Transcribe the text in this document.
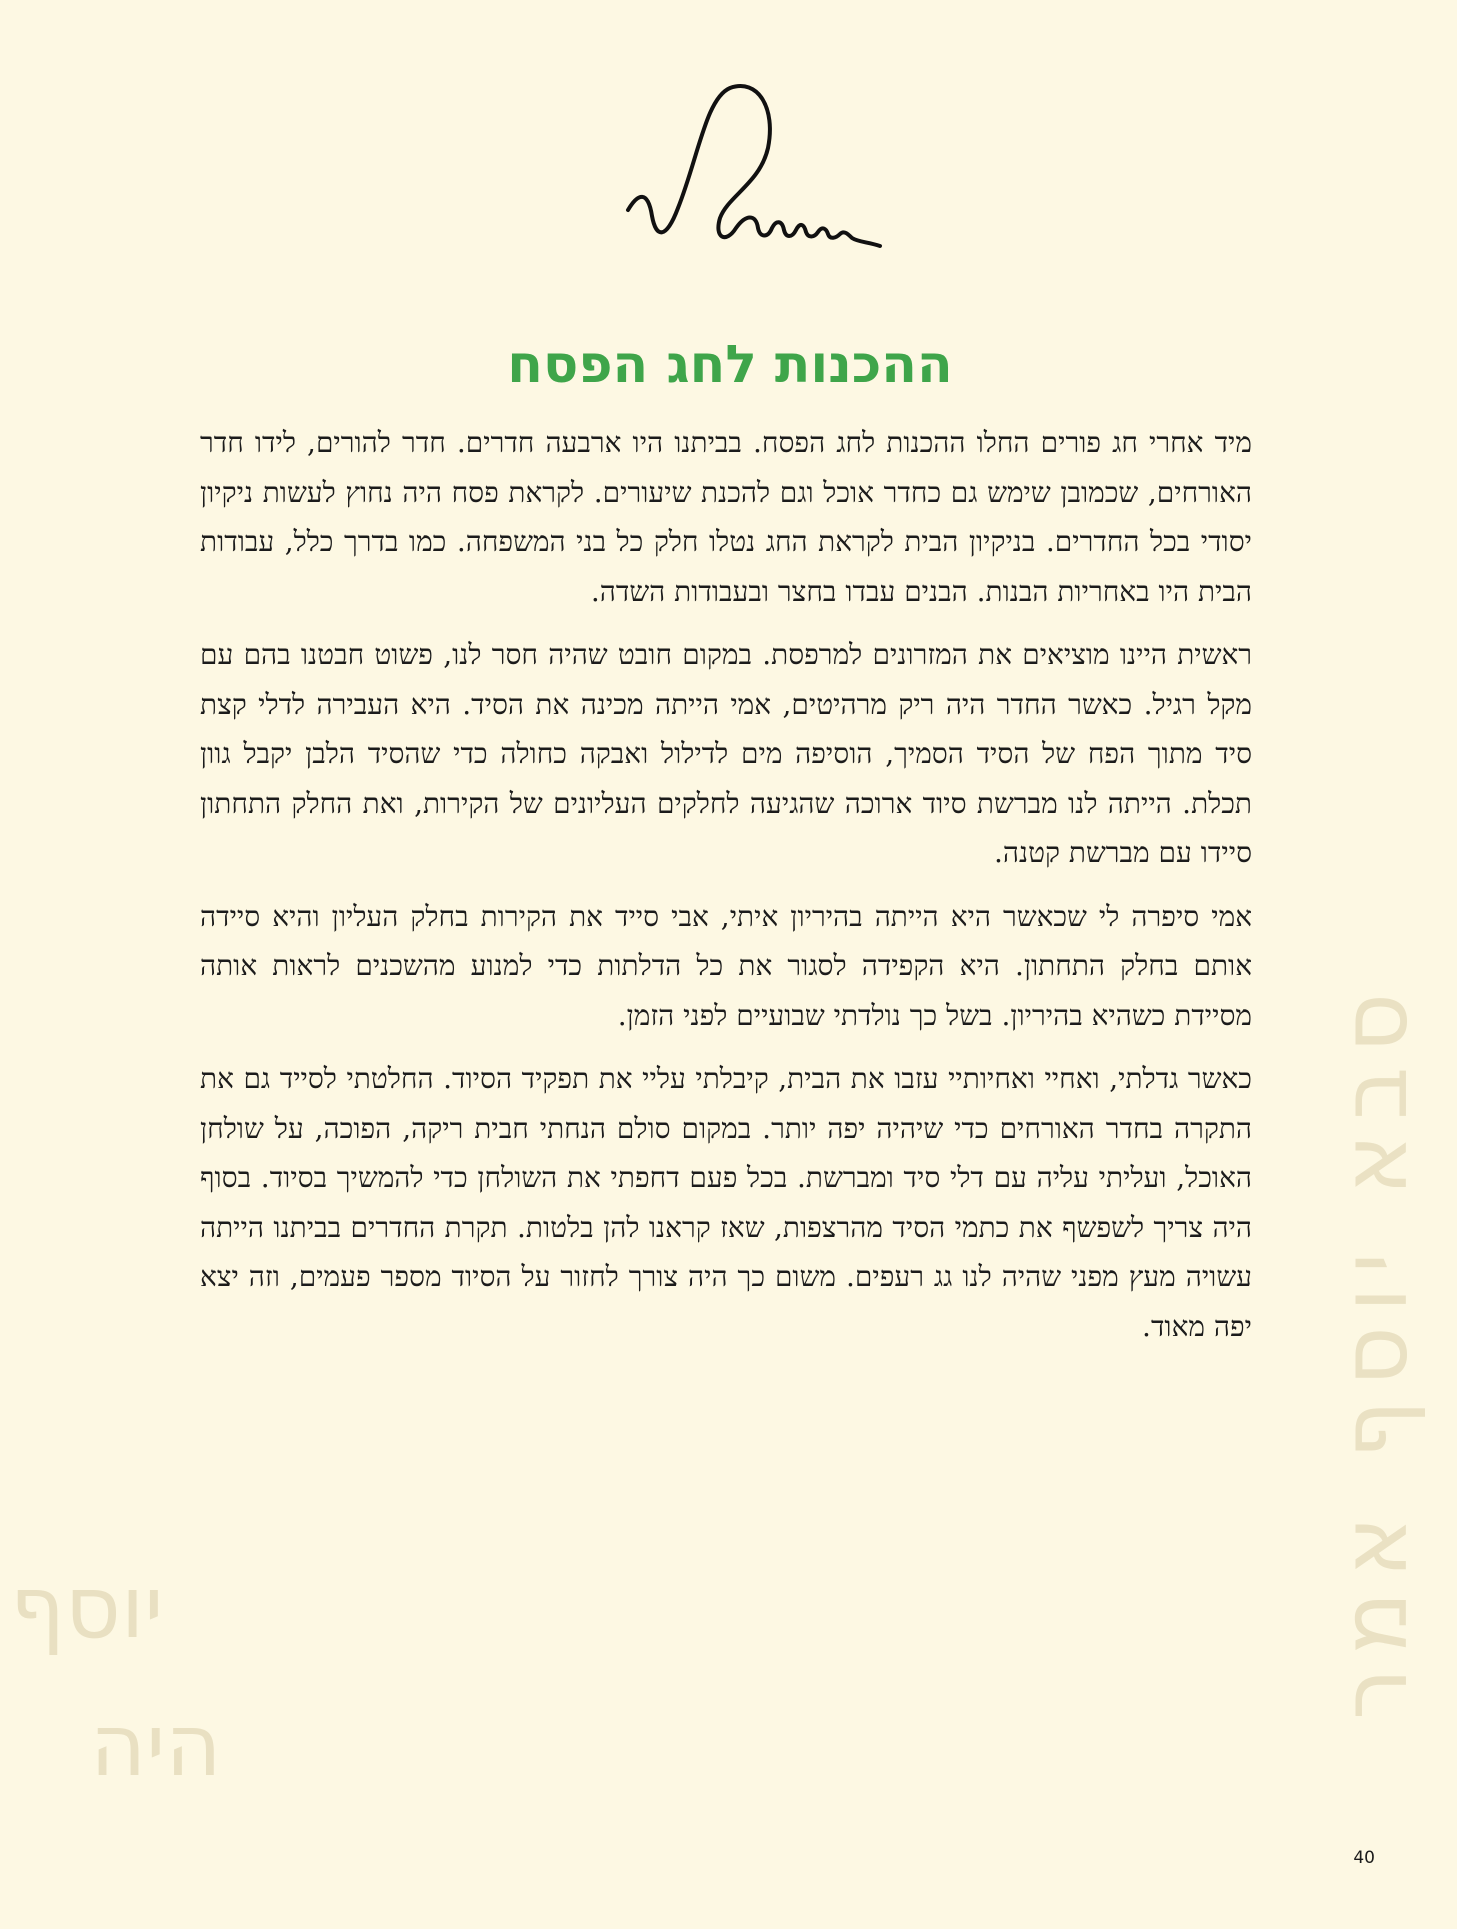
סבא יוסף אמר
יוסף
היה
ההכנות לחג הפסח

מיד אחרי חג פורים החלו ההכנות לחג הפסח. בביתנו היו ארבעה חדרים. חדר להורים, לידו חדר האורחים, שכמובן שימש גם כחדר אוכל וגם להכנת שיעורים. לקראת פסח היה נחוץ לעשות ניקיון יסודי בכל החדרים. בניקיון הבית לקראת החג נטלו חלק כל בני המשפחה. כמו בדרך כלל, עבודות הבית היו באחריות הבנות. הבנים עבדו בחצר ובעבודות השדה.

ראשית היינו מוציאים את המזרונים למרפסת. במקום חובט שהיה חסר לנו, פשוט חבטנו בהם עם מקל רגיל. כאשר החדר היה ריק מרהיטים, אמי הייתה מכינה את הסיד. היא העבירה לדלי קצת סיד מתוך הפח של הסיד הסמיך, הוסיפה מים לדילול ואבקה כחולה כדי שהסיד הלבן יקבל גוון תכלת. הייתה לנו מברשת סיוד ארוכה שהגיעה לחלקים העליונים של הקירות, ואת החלק התחתון סיידו עם מברשת קטנה.

אמי סיפרה לי שכאשר היא הייתה בהיריון איתי, אבי סייד את הקירות בחלק העליון והיא סיידה אותם בחלק התחתון. היא הקפידה לסגור את כל הדלתות כדי למנוע מהשכנים לראות אותה מסיידת כשהיא בהיריון. בשל כך נולדתי שבועיים לפני הזמן.

כאשר גדלתי, ואחיי ואחיותיי עזבו את הבית, קיבלתי עליי את תפקיד הסיוד. החלטתי לסייד גם את התקרה בחדר האורחים כדי שיהיה יפה יותר. במקום סולם הנחתי חבית ריקה, הפוכה, על שולחן האוכל, ועליתי עליה עם דלי סיד ומברשת. בכל פעם דחפתי את השולחן כדי להמשיך בסיוד. בסוף היה צריך לשפשף את כתמי הסיד מהרצפות, שאז קראנו להן בלטות. תקרת החדרים בביתנו הייתה עשויה מעץ מפני שהיה לנו גג רעפים. משום כך היה צורך לחזור על הסיוד מספר פעמים, וזה יצא יפה מאוד.

40
